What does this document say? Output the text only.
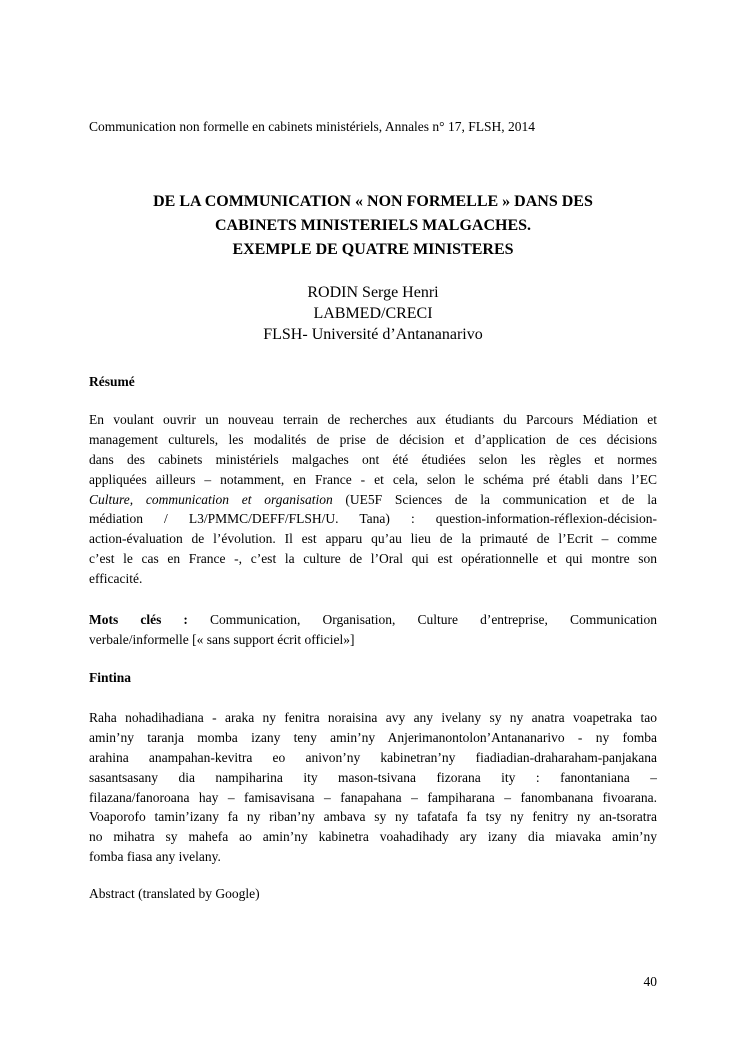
Communication non formelle en cabinets ministériels, Annales n° 17, FLSH, 2014
DE LA COMMUNICATION « NON FORMELLE » DANS DES
CABINETS MINISTERIELS MALGACHES.
EXEMPLE DE QUATRE MINISTERES
RODIN Serge Henri
LABMED/CRECI
FLSH- Université d’Antananarivo
Résumé
En voulant ouvrir un nouveau terrain de recherches aux étudiants du Parcours Médiation et
management culturels, les modalités de prise de décision et d’application de ces décisions
dans des cabinets ministériels malgaches ont été étudiées selon les règles et normes
appliquées ailleurs – notamment, en France - et cela, selon le schéma pré établi dans l’EC
Culture, communication et organisation (UE5F Sciences de la communication et de la
médiation / L3/PMMC/DEFF/FLSH/U. Tana) : question-information-réflexion-décision-
action-évaluation de l’évolution. Il est apparu qu’au lieu de la primauté de l’Ecrit – comme
c’est le cas en France -, c’est la culture de l’Oral qui est opérationnelle et qui montre son
efficacité.
Mots clés : Communication, Organisation, Culture d’entreprise, Communication
verbale/informelle [« sans support écrit officiel»]
Fintina
Raha nohadihadiana - araka ny fenitra noraisina avy any ivelany sy ny anatra voapetraka tao
amin’ny taranja momba izany teny amin’ny Anjerimanontolon’Antananarivo - ny fomba
arahina anampahan-kevitra eo anivon’ny kabinetran’ny fiadiadian-draharaham-panjakana
sasantsasany dia nampiharina ity mason-tsivana fizorana ity : fanontaniana –
filazana/fanoroana hay – famisavisana – fanapahana – fampiharana – fanombanana fivoarana.
Voaporofo tamin’izany fa ny riban’ny ambava sy ny tafatafa fa tsy ny fenitry ny an-tsoratra
no mihatra sy mahefa ao amin’ny kabinetra voahadihady ary izany dia miavaka amin’ny
fomba fiasa any ivelany.
Abstract (translated by Google)
40
